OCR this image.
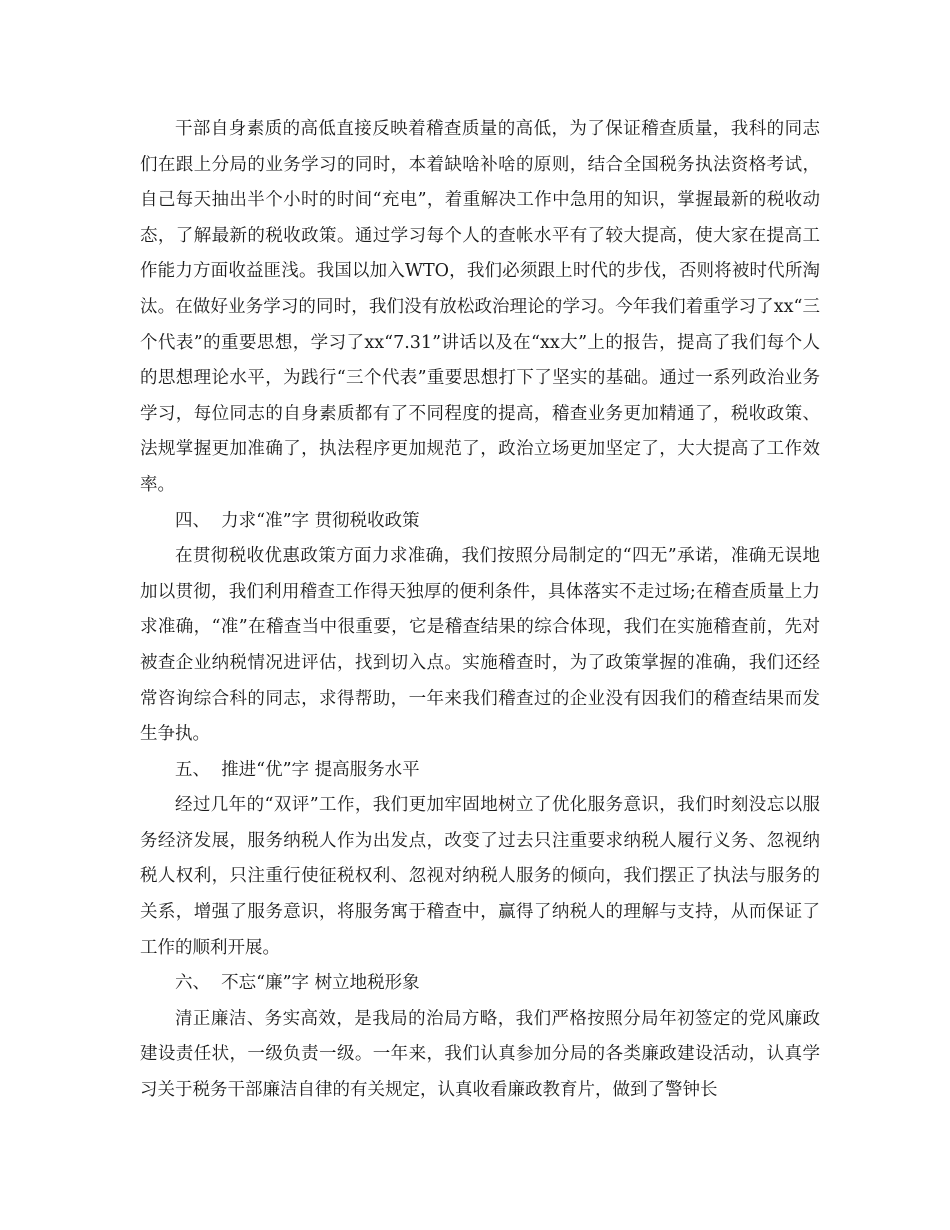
干部自身素质的高低直接反映着稽查质量的高低，为了保证稽查质量，我科的同志们在跟上分局的业务学习的同时，本着缺啥补啥的原则，结合全国税务执法资格考试，自己每天抽出半个小时的时间“充电”，着重解决工作中急用的知识，掌握最新的税收动态，了解最新的税收政策。通过学习每个人的查帐水平有了较大提高，使大家在提高工作能力方面收益匪浅。我国以加入WTO，我们必须跟上时代的步伐，否则将被时代所淘汰。在做好业务学习的同时，我们没有放松政治理论的学习。今年我们着重学习了xx“三个代表”的重要思想，学习了xx“7.31”讲话以及在“xx大”上的报告，提高了我们每个人的思想理论水平，为践行“三个代表”重要思想打下了坚实的基础。通过一系列政治业务学习，每位同志的自身素质都有了不同程度的提高，稽查业务更加精通了，税收政策、法规掌握更加准确了，执法程序更加规范了，政治立场更加坚定了，大大提高了工作效率。

四、  力求“准”字 贯彻税收政策

在贯彻税收优惠政策方面力求准确，我们按照分局制定的“四无”承诺，准确无误地加以贯彻，我们利用稽查工作得天独厚的便利条件，具体落实不走过场;在稽查质量上力求准确，“准”在稽查当中很重要，它是稽查结果的综合体现，我们在实施稽查前，先对被查企业纳税情况进评估，找到切入点。实施稽查时，为了政策掌握的准确，我们还经常咨询综合科的同志，求得帮助，一年来我们稽查过的企业没有因我们的稽查结果而发生争执。

五、  推进“优”字 提高服务水平

经过几年的“双评”工作，我们更加牢固地树立了优化服务意识，我们时刻没忘以服务经济发展，服务纳税人作为出发点，改变了过去只注重要求纳税人履行义务、忽视纳税人权利，只注重行使征税权利、忽视对纳税人服务的倾向，我们摆正了执法与服务的关系，增强了服务意识，将服务寓于稽查中，赢得了纳税人的理解与支持，从而保证了工作的顺利开展。

六、  不忘“廉”字 树立地税形象

清正廉洁、务实高效，是我局的治局方略，我们严格按照分局年初签定的党风廉政建设责任状，一级负责一级。一年来，我们认真参加分局的各类廉政建设活动，认真学习关于税务干部廉洁自律的有关规定，认真收看廉政教育片，做到了警钟长
